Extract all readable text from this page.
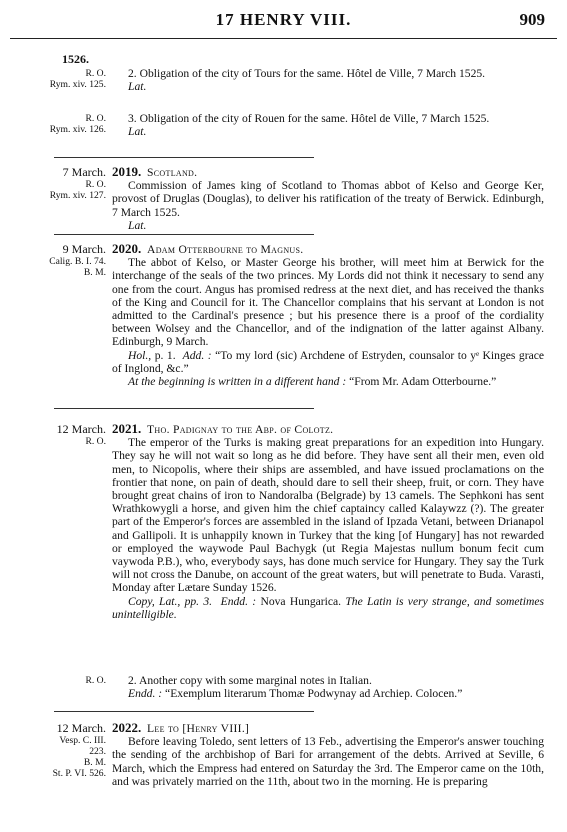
17 HENRY VIII.	909
1526.
R. O.
Rym. xiv. 125.

2. Obligation of the city of Tours for the same. Hôtel de Ville, 7 March 1525.

Lat.

R. O.
Rym. xiv. 126.

3. Obligation of the city of Rouen for the same. Hôtel de Ville, 7 March 1525.

Lat.

7 March.
R. O.
Rym. xiv. 127.

2019. Scotland.

Commission of James king of Scotland to Thomas abbot of Kelso and George Ker, provost of Druglas (Douglas), to deliver his ratification of the treaty of Berwick. Edinburgh, 7 March 1525.

Lat.

9 March.
Calig. B. I. 74.
B. M.

2020. Adam Otterbourne to Magnus.

The abbot of Kelso, or Master George his brother, will meet him at Berwick for the interchange of the seals of the two princes. My Lords did not think it necessary to send any one from the court. Angus has promised redress at the next diet, and has received the thanks of the King and Council for it. The Chancellor complains that his servant at London is not admitted to the Cardinal's presence ; but his presence there is a proof of the cordiality between Wolsey and the Chancellor, and of the indignation of the latter against Albany. Edinburgh, 9 March.

Hol., p. 1. Add. : “To my lord (sic) Archdene of Estryden, counsalor to yᵉ Kinges grace of Inglond, &c.”

At the beginning is written in a different hand : “From Mr. Adam Otterbourne.”

12 March.
R. O.

2021. Tho. Padignay to the Abp. of Colotz.

The emperor of the Turks is making great preparations for an expedition into Hungary. They say he will not wait so long as he did before. They have sent all their men, even old men, to Nicopolis, where their ships are assembled, and have issued proclamations on the frontier that none, on pain of death, should dare to sell their sheep, fruit, or corn. They have brought great chains of iron to Nandoralba (Belgrade) by 13 camels. The Sephkoni has sent Wrathkowygli a horse, and given him the chief captaincy called Kalaywzz (?). The greater part of the Emperor's forces are assembled in the island of Ipzada Vetani, between Drianapol and Gallipoli. It is unhappily known in Turkey that the king [of Hungary] has not rewarded or employed the waywode Paul Bachygk (ut Regia Majestas nullum bonum fecit cum vaywoda P.B.), who, everybody says, has done much service for Hungary. They say the Turk will not cross the Danube, on account of the great waters, but will penetrate to Buda. Varasti, Monday after Lætare Sunday 1526.

Copy, Lat., pp. 3. Endd. : Nova Hungarica. The Latin is very strange, and sometimes unintelligible.

R. O.	2. Another copy with some marginal notes in Italian.

Endd. : “Exemplum literarum Thomæ Podwynay ad Archiep. Colocen.”

12 March.
Vesp. C. III.
223.
B. M.
St. P. VI. 526.

2022. Lee to [Henry VIII.]

Before leaving Toledo, sent letters of 13 Feb., advertising the Emperor's answer touching the sending of the archbishop of Bari for arrangement of the debts. Arrived at Seville, 6 March, which the Empress had entered on Saturday the 3rd. The Emperor came on the 10th, and was privately married on the 11th, about two in the morning. He is preparing
